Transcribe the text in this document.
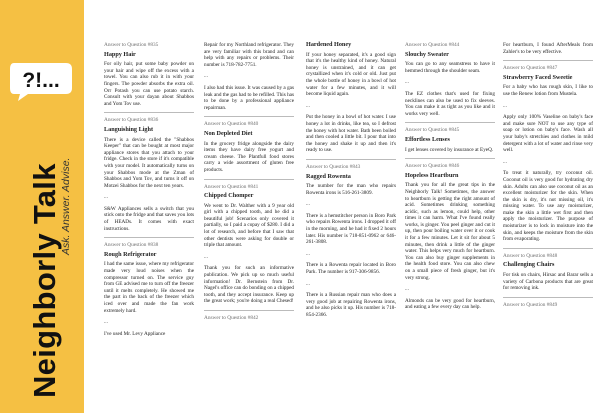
?!...
Neighborly Talk
Ask. Answer. Advise.
Answer to Question #835
Happy Hair
For oily hair, put some baby powder on your hair and wipe off the excess with a towel. You can also rub it in with your fingers. The powder absorbs the extra oil. Orr Potash you can use potato starch. Consult with your dayan about Shabbos and Yom Tov use.
Answer to Question #836
Languishing Light
There is a device called the "Shabbos Keeper" that can be bought at most major appliance stores that you attach to your fridge. Check in the store if it's compatible with your model. It automatically turns on your Shabbos mode at the Zman of Shabbos and Yom Tov, and turns it off on Motzei Shabbos for the next ten years.
...
S&W Appliances sells a switch that you stick onto the fridge and that saves you lots of HEADs. It comes with exact instructions.
Answer to Question #838
Rough Refrigerator
I had the same issue, where my refrigerator made very loud noises when the compressor turned on. The service guy from GE advised me to turn off the freezer until it melts completely. He showed me the part in the back of the freezer which iced over and made the fan work extremely hard.
...
I've used Mr. Levy Appliance
Repair for my Northland refrigerator. They are very familiar with this brand and can help with any repairs or problems. Their number is 718-782-7751.
...
I also had this issue. It was caused by a gas leak and the gas had to be refilled. This has to be done by a professional appliance repairman.
Answer to Question #840
Non Depleted Diet
In the grocery fridge alongside the dairy items they have dairy free yogurt and cream cheese. The Plantfull food stores carry a wide assortment of gluten free products.
Answer to Question #841
Chipped Chomper
We went to Dr. Walther with a 9 year old girl with a chipped tooth, and he did a beautiful job! Scenarios only covered it partially, so I paid a copay of $280. I did a lot of research, and before that I saw that other dentists were asking for double or triple that amount.
...
Thank you for such an informative publication. We pick up so much useful information! Dr. Bernstein from Dr. Nagel's office can do bonding on a chipped tooth, and they accept insurance. Keep up the great work; you're doing a real Chesed!
Answer to Question #842
Hardened Honey
If your honey separated, it's a good sign that it's the healthy kind of honey. Natural honey is unstrained, and it can get crystallized when it's cold or old. Just put the whole bottle of honey in a bowl of hot water for a few minutes, and it will become liquid again.
...
Put the honey in a bowl of hot water. I use honey a lot in drinks, like tea, so I defrost the honey with hot water. Bath been boiled and then cooled a little bit. I pour that into the honey and shake it up and then it's ready to use.
Answer to Question #843
Ragged Rowenta
The number for the man who repairs Rowenta irons is 516-261-3809.
...
There is a hemstitcher person in Boro Park who repairs Rowenta irons. I dropped it off in the morning, and he had it fixed 2 hours later. His number is 718-851-0962 or 646-261-3808.
...
There is a Rowenta repair located in Boro Park. The number is 917-306-9856.
...
There is a Russian repair man who does a very good job at repairing Rowenta irons, and he also picks it up. His number is 718-854-2366.
Answer to Question #844
Slouchy Sweater
You can go to any seamstress to have it hemmed through the shoulder seam.
...
The EZ clothes that's used for fixing necklines can also be used to fix sleeves. You can make it as tight as you like and it works very well.
Answer to Question #845
Effortless Lenses
I get lenses covered by insurance at EyeQ.
Answer to Question #846
Hopeless Heartburn
Thank you for all the great tips in the Neighborly Talk! Sometimes, the answer to heartburn is getting the right amount of acid. Sometimes drinking something acidic, such as lemon, could help, other times it can harm. What I've found really works, is ginger. You peel ginger and cut it up, then pour boiling water over it or cook it for a few minutes. Let it sit for about 5 minutes, then drink a little of the ginger water. This helps very much for heartburn. You can also buy ginger supplements in the health food store. You can also chew on a small piece of fresh ginger, but it's very strong.
...
Almonds can be very good for heartburn, and eating a few every day can help.
For heartburn, I found AfterMeals from Zahler's to be very effective.
Answer to Question #847
Strawberry Faced Sweetie
For a baby who has rough skin, I like to use the Renew lotion from Mustela.
...
Apply only 100% Vaseline on baby's face and make sure NOT to use any type of soap or lotion on baby's face. Wash all your baby's stretchies and clothes in mild detergent with a lot of water and rinse very well.
...
To treat it naturally, try coconut oil. Coconut oil is very good for hydrating dry skin. Adults can also use coconut oil as an excellent moisturizer for the skin. When the skin is dry, it's not missing oil, it's missing water. To use any moisturizer, make the skin a little wet first and then apply the moisturizer. The purpose of moisturizer is to lock in moisture into the skin, and keeps the moisture from the skin from evaporating.
Answer to Question #848
Challenging Chairs
For tisk on chairs, Hirsac and Barar sells a variety of Carbona products that are great for removing ink.
Answer to Question #849
